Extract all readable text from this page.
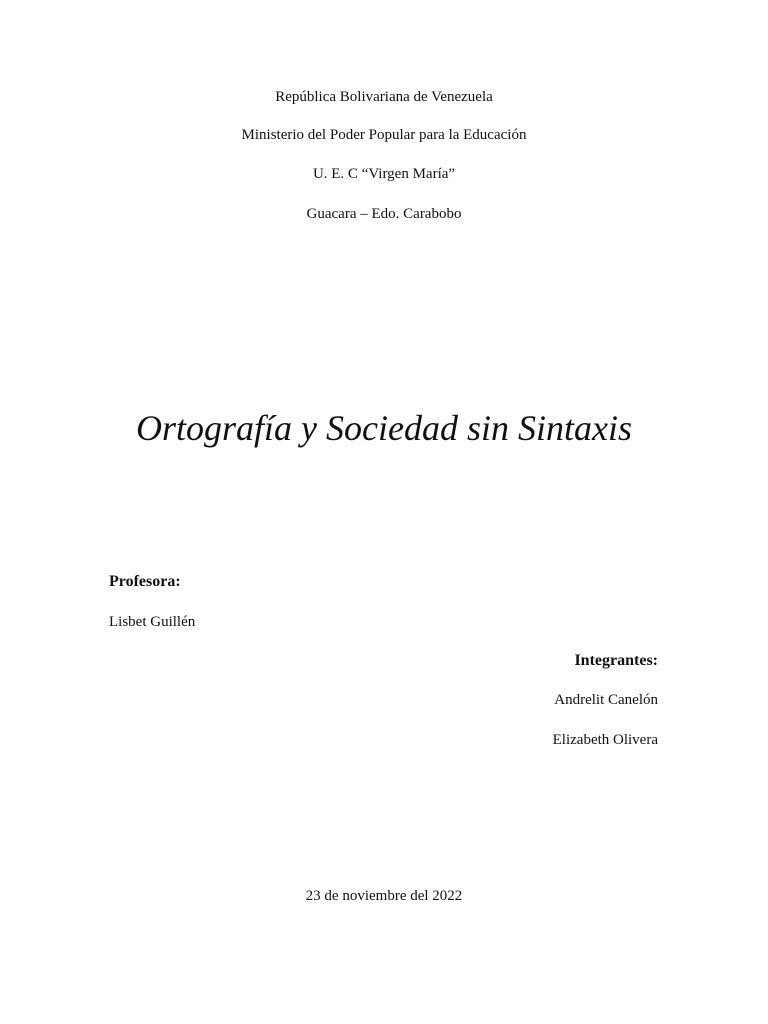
República Bolivariana de Venezuela
Ministerio del Poder Popular para la Educación
U. E. C “Virgen María”
Guacara – Edo. Carabobo
Ortografía y Sociedad sin Sintaxis
Profesora:
Lisbet Guillén
Integrantes:
Andrelit Canelón
Elizabeth Olivera
23 de noviembre del 2022
